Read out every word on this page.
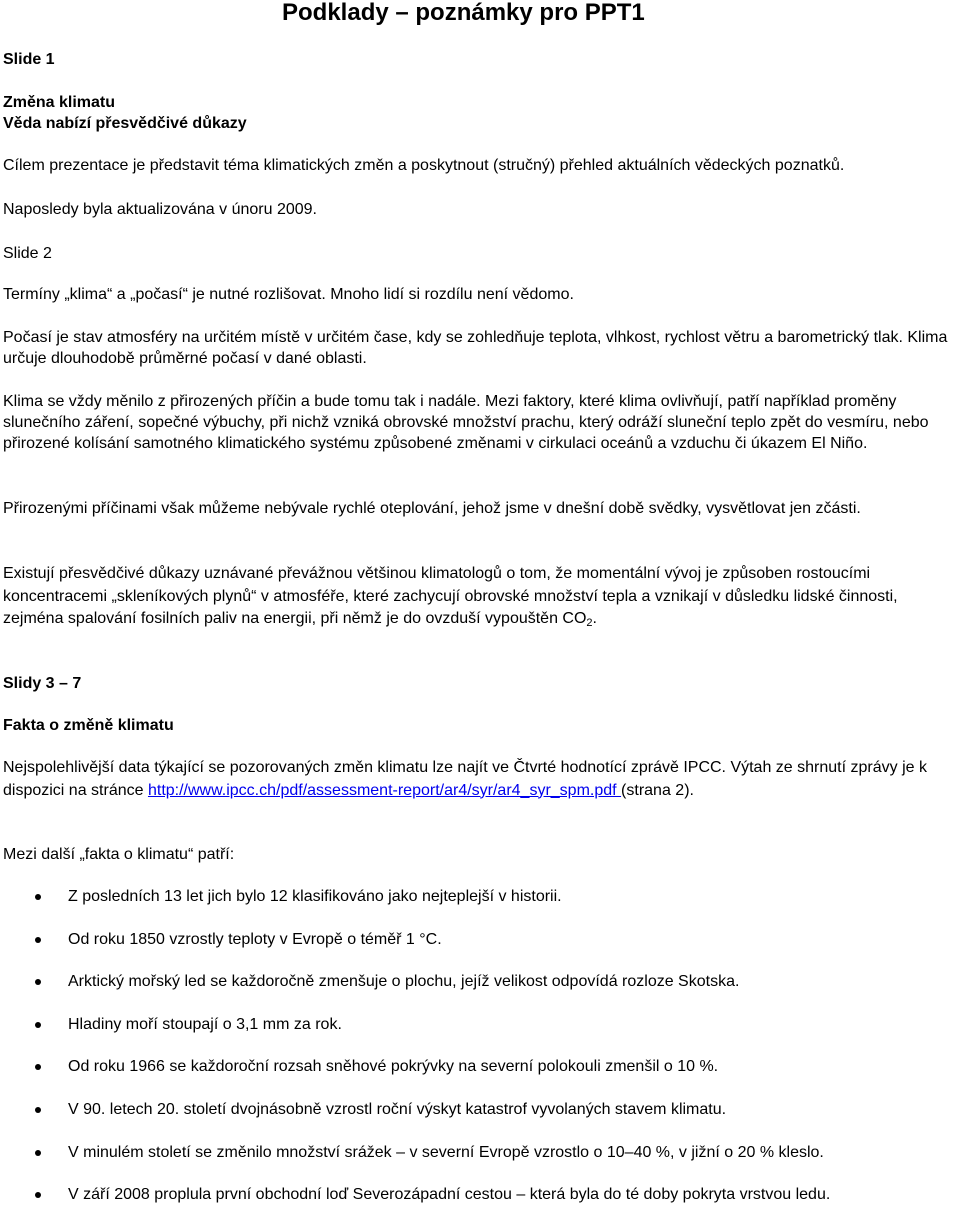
Podklady – poznámky pro PPT1

Slide 1

Změna klimatu

Věda nabízí přesvědčivé důkazy

Cílem prezentace je představit téma klimatických změn a poskytnout (stručný) přehled aktuálních vědeckých poznatků.

Naposledy byla aktualizována v únoru 2009.

Slide 2

Termíny „klima“ a „počasí“ je nutné rozlišovat. Mnoho lidí si rozdílu není vědomo.

Počasí je stav atmosféry na určitém místě v určitém čase, kdy se zohledňuje teplota, vlhkost, rychlost větru a barometrický tlak. Klima určuje dlouhodobě průměrné počasí v dané oblasti.

Klima se vždy měnilo z přirozených příčin a bude tomu tak i nadále. Mezi faktory, které klima ovlivňují, patří například proměny slunečního záření, sopečné výbuchy, při nichž vzniká obrovské množství prachu, který odráží sluneční teplo zpět do vesmíru, nebo přirozené kolísání samotného klimatického systému způsobené změnami v cirkulaci oceánů a vzduchu či úkazem El Niño.

Přirozenými příčinami však můžeme nebývale rychlé oteplování, jehož jsme v dnešní době svědky, vysvětlovat jen zčásti.

Existují přesvědčivé důkazy uznávané převážnou většinou klimatologů o tom, že momentální vývoj je způsoben rostoucími koncentracemi „skleníkových plynů“ v atmosféře, které zachycují obrovské množství tepla a vznikají v důsledku lidské činnosti, zejména spalování fosilních paliv na energii, při němž je do ovzduší vypouštěn $CO_2$.

Slidy 3 – 7

Fakta o změně klimatu

Nejspolehlivější data týkající se pozorovaných změn klimatu lze najít ve Čtvrté hodnotící zprávě IPCC. Výtah ze shrnutí zprávy je k dispozici na stránce http://www.ipcc.ch/pdf/assessment-report/ar4/syr/ar4_syr_spm.pdf (strana 2).

Mezi další „fakta o klimatu“ patří:

Z posledních 13 let jich bylo 12 klasifikováno jako nejteplejší v historii.
Od roku 1850 vzrostly teploty v Evropě o téměř 1 °C.
Arktický mořský led se každoročně zmenšuje o plochu, jejíž velikost odpovídá rozloze Skotska.
Hladiny moří stoupají o 3,1 mm za rok.
Od roku 1966 se každoroční rozsah sněhové pokrývky na severní polokouli zmenšil o 10 %.
V 90. letech 20. století dvojnásobně vzrostl roční výskyt katastrof vyvolaných stavem klimatu.
V minulém století se změnilo množství srážek – v severní Evropě vzrostlo o 10–40 %, v jižní o 20 % kleslo.
V září 2008 proplula první obchodní loď Severozápadní cestou – která byla do té doby pokryta vrstvou ledu.
